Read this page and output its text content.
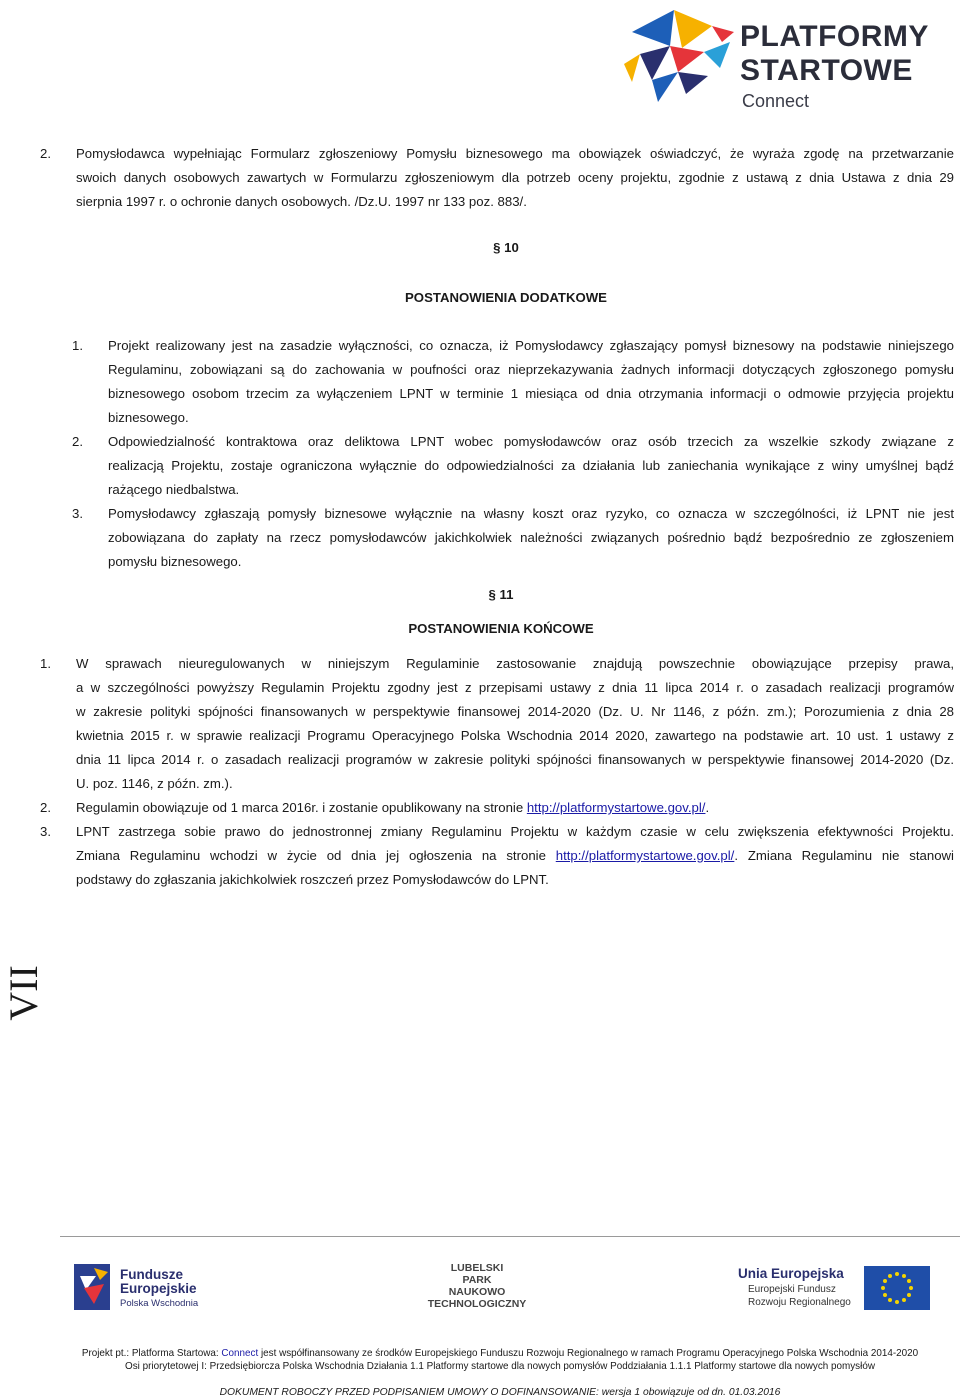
PLATFORMY
STARTOWE
Connect
2. Pomysłodawca wypełniając Formularz zgłoszeniowy Pomysłu biznesowego ma obowiązek oświadczyć, że wyraża zgodę na przetwarzanie
swoich danych osobowych zawartych w Formularzu zgłoszeniowym dla potrzeb oceny projektu, zgodnie z ustawą z dnia Ustawa z dnia 29
sierpnia 1997 r. o ochronie danych osobowych. /Dz.U. 1997 nr 133 poz. 883/.
§ 10
POSTANOWIENIA DODATKOWE
1. Projekt realizowany jest na zasadzie wyłączności, co oznacza, iż Pomysłodawcy zgłaszający pomysł biznesowy na podstawie niniejszego
Regulaminu, zobowiązani są do zachowania w poufności oraz nieprzekazywania żadnych informacji dotyczących zgłoszonego pomysłu
biznesowego osobom trzecim za wyłączeniem LPNT w terminie 1 miesiąca od dnia otrzymania informacji o odmowie przyjęcia projektu
biznesowego.
2. Odpowiedzialność kontraktowa oraz deliktowa LPNT wobec pomysłodawców oraz osób trzecich za wszelkie szkody związane z
realizacją Projektu, zostaje ograniczona wyłącznie do odpowiedzialności za działania lub zaniechania wynikające z winy umyślnej bądź
rażącego niedbalstwa.
3. Pomysłodawcy zgłaszają pomysły biznesowe wyłącznie na własny koszt oraz ryzyko, co oznacza w szczególności, iż LPNT nie jest
zobowiązana do zapłaty na rzecz pomysłodawców jakichkolwiek należności związanych pośrednio bądź bezpośrednio ze zgłoszeniem
pomysłu biznesowego.
§ 11
POSTANOWIENIA KOŃCOWE
1. W sprawach nieuregulowanych w niniejszym Regulaminie zastosowanie znajdują powszechnie obowiązujące przepisy prawa,
a w szczególności powyższy Regulamin Projektu zgodny jest z przepisami ustawy z dnia 11 lipca 2014 r. o zasadach realizacji programów
w zakresie polityki spójności finansowanych w perspektywie finansowej 2014-2020 (Dz. U. Nr 1146, z późn. zm.); Porozumienia z dnia 28
kwietnia 2015 r. w sprawie realizacji Programu Operacyjnego Polska Wschodnia 2014 2020, zawartego na podstawie art. 10 ust. 1 ustawy z
dnia 11 lipca 2014 r. o zasadach realizacji programów w zakresie polityki spójności finansowanych w perspektywie finansowej 2014-2020 (Dz.
U. poz. 1146, z późn. zm.).
2. Regulamin obowiązuje od 1 marca 2016r. i zostanie opublikowany na stronie http://platformystartowe.gov.pl/.
3. LPNT zastrzega sobie prawo do jednostronnej zmiany Regulaminu Projektu w każdym czasie w celu zwiększenia efektywności Projektu.
Zmiana Regulaminu wchodzi w życie od dnia jej ogłoszenia na stronie http://platformystartowe.gov.pl/. Zmiana Regulaminu nie stanowi
podstawy do zgłaszania jakichkolwiek roszczeń przez Pomysłodawców do LPNT.
VII
Fundusze
Europejskie
Polska Wschodnia
LUBELSKI
PARK
NAUKOWO
TECHNOLOGICZNY
Unia Europejska
Europejski Fundusz
Rozwoju Regionalnego
Projekt pt.: Platforma Startowa: Connect jest współfinansowany ze środków Europejskiego Funduszu Rozwoju Regionalnego w ramach Programu Operacyjnego Polska Wschodnia 2014-2020
Osi priorytetowej I: Przedsiębiorcza Polska Wschodnia Działania 1.1 Platformy startowe dla nowych pomysłów Poddziałania 1.1.1 Platformy startowe dla nowych pomysłów
DOKUMENT ROBOCZY PRZED PODPISANIEM UMOWY O DOFINANSOWANIE: wersja 1 obowiązuje od dn. 01.03.2016
